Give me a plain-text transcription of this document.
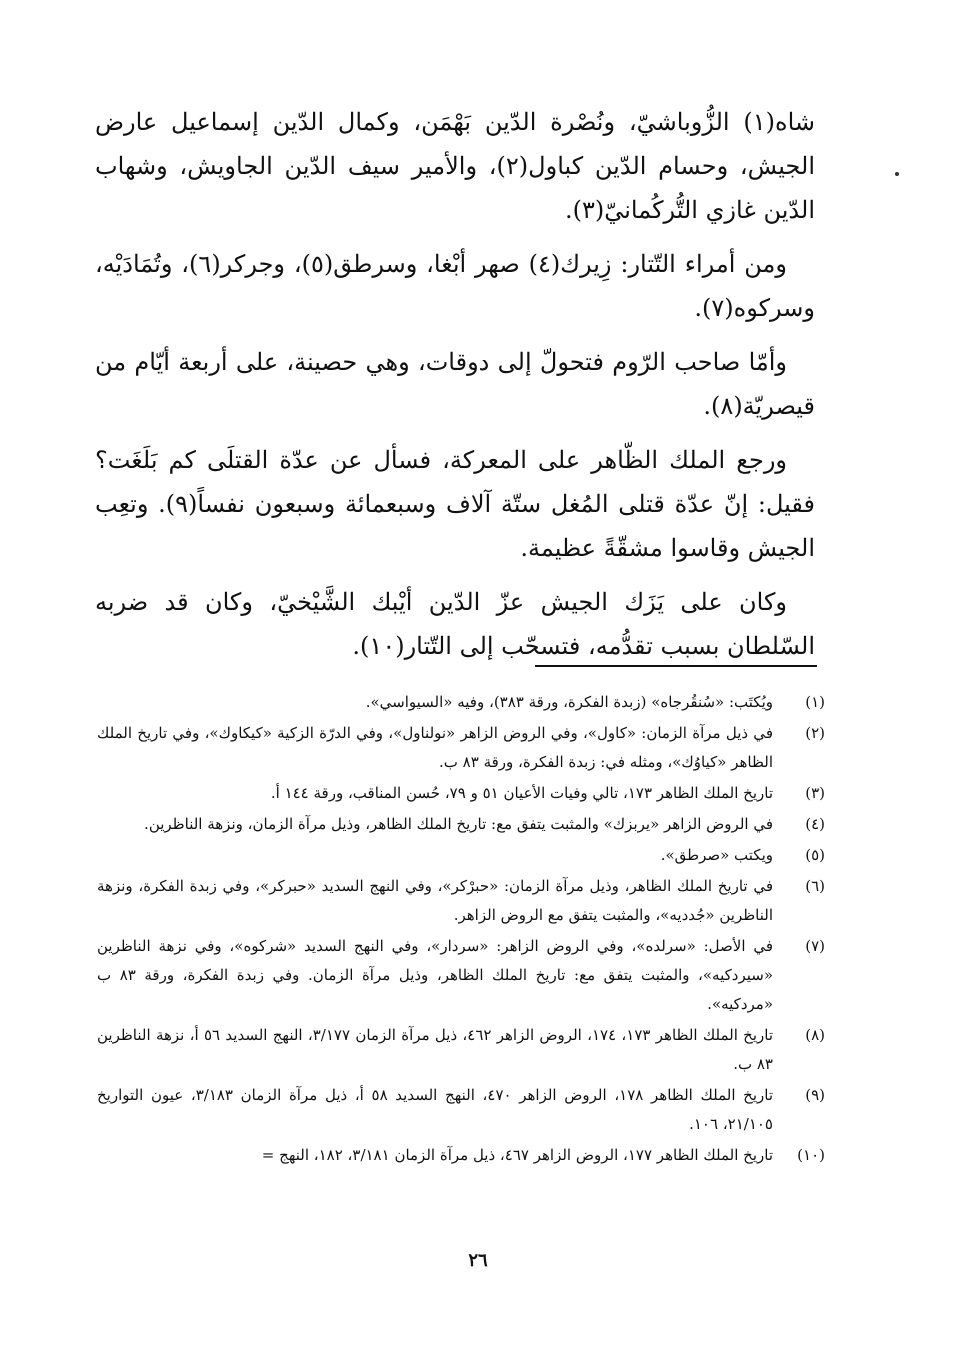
شاه(١) الزُّوباشيّ، ونُصْرة الدّين بَهْمَن، وكمال الدّين إسماعيل عارض الجيش، وحسام الدّين كباول(٢)، والأمير سيف الدّين الجاويش، وشهاب الدّين غازي التُّركُمانيّ(٣).

ومن أمراء التّتار: زِيرك(٤) صهر أبْغا، وسرطق(٥)، وجركر(٦)، وتُمَادَيْه، وسركوه(٧).

وأمّا صاحب الرّوم فتحولّ إلى دوقات، وهي حصينة، على أربعة أيّام من قيصريّة(٨).

ورجع الملك الظّاهر على المعركة، فسأل عن عدّة القتلَى كم بَلَغَت؟ فقيل: إنّ عدّة قتلى المُغل ستّة آلاف وسبعمائة وسبعون نفساً(٩). وتعِب الجيش وقاسوا مشقّةً عظيمة.

وكان على يَزَك الجيش عزّ الدّين أيْبك الشَّيْخيّ، وكان قد ضربه السّلطان بسبب تقدُّمه، فتسحّب إلى التّتار(١٠).

(١)
ويُكتَب: «سُنقُرجاه» (زبدة الفكرة، ورقة ٣٨٣)، وفيه «السيواسي».
(٢)
في ذيل مرآة الزمان: «كاول»، وفي الروض الزاهر «نولناول»، وفي الدرّة الزكية «كيكاوك»، وفي تاريخ الملك الظاهر «كياوُك»، ومثله في: زبدة الفكرة، ورقة ٨٣ ب.
(٣)
تاريخ الملك الظاهر ١٧٣، تالي وفيات الأعيان ٥١ و ٧٩، حُسن المناقب، ورقة ١٤٤ أ.
(٤)
في الروض الزاهر «يربزك» والمثبت يتفق مع: تاريخ الملك الظاهر، وذيل مرآة الزمان، ونزهة الناظرين.
(٥)
ويكتب «صرطق».
(٦)
في تاريخ الملك الظاهر، وذيل مرآة الزمان: «حبرْكر»، وفي النهج السديد «حبركر»، وفي زبدة الفكرة، ونزهة الناظرين «جُدديه»، والمثبت يتفق مع الروض الزاهر.
(٧)
في الأصل: «سرلده»، وفي الروض الزاهر: «سردار»، وفي النهج السديد «شركوه»، وفي نزهة الناظرين «سيردكيه»، والمثبت يتفق مع: تاريخ الملك الظاهر، وذيل مرآة الزمان. وفي زبدة الفكرة، ورقة ٨٣ ب «مردكيه».
(٨)
تاريخ الملك الظاهر ١٧٣، ١٧٤، الروض الزاهر ٤٦٢، ذيل مرآة الزمان ٣/١٧٧، النهج السديد ٥٦ أ، نزهة الناظرين ٨٣ ب.
(٩)
تاريخ الملك الظاهر ١٧٨، الروض الزاهر ٤٧٠، النهج السديد ٥٨ أ، ذيل مرآة الزمان ٣/١٨٣، عيون التواريخ ٢١/١٠٥، ١٠٦.
(١٠)
تاريخ الملك الظاهر ١٧٧، الروض الزاهر ٤٦٧، ذيل مرآة الزمان ٣/١٨١، ١٨٢، النهج =
٢٦
